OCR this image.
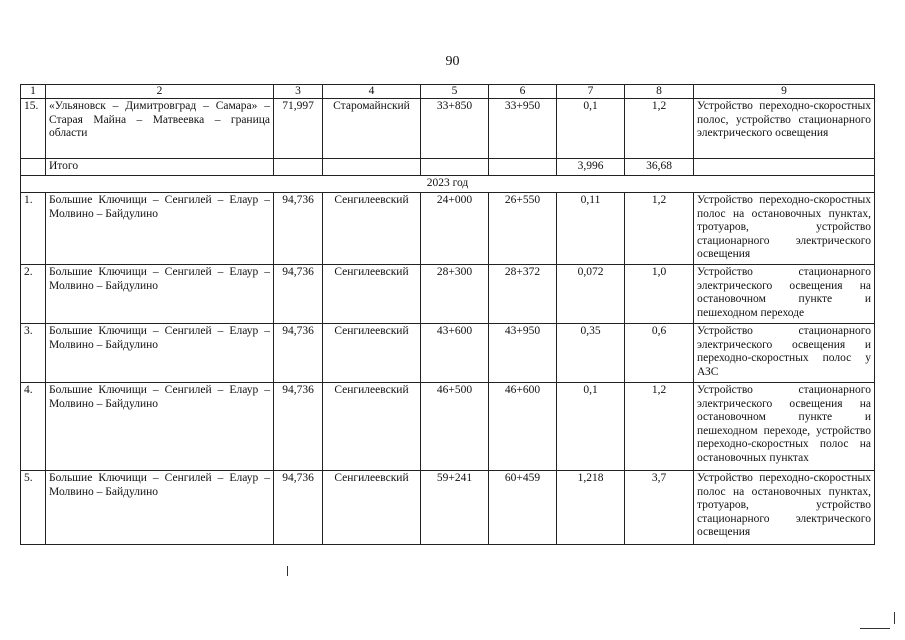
90
1	2	3	4	5	6	7	8	9
15.	«Ульяновск – Димитровград – Самара» – Старая Майна – Матвеевка – граница области	71,997	Старомайнский	33+850	33+950	0,1	1,2	Устройство переходно-скоростных полос, устройство стационарного электрического освещения
	Итого					3,996	36,68	
2023 год								
1.	Большие Ключищи – Сенгилей – Елаур – Молвино – Байдулино	94,736	Сенгилеевский	24+000	26+550	0,11	1,2	Устройство переходно-скоростных полос на остановочных пунктах, тротуаров, устройство стационарного электрического освещения
2.	Большие Ключищи – Сенгилей – Елаур – Молвино – Байдулино	94,736	Сенгилеевский	28+300	28+372	0,072	1,0	Устройство стационарного электрического освещения на остановочном пункте и пешеходном переходе
3.	Большие Ключищи – Сенгилей – Елаур – Молвино – Байдулино	94,736	Сенгилеевский	43+600	43+950	0,35	0,6	Устройство стационарного электрического освещения и переходно-скоростных полос у АЗС
4.	Большие Ключищи – Сенгилей – Елаур – Молвино – Байдулино	94,736	Сенгилеевский	46+500	46+600	0,1	1,2	Устройство стационарного электрического освещения на остановочном пункте и пешеходном переходе, устройство переходно-скоростных полос на остановочных пунктах
5.	Большие Ключищи – Сенгилей – Елаур – Молвино – Байдулино	94,736	Сенгилеевский	59+241	60+459	1,218	3,7	Устройство переходно-скоростных полос на остановочных пунктах, тротуаров, устройство стационарного электрического освещения
